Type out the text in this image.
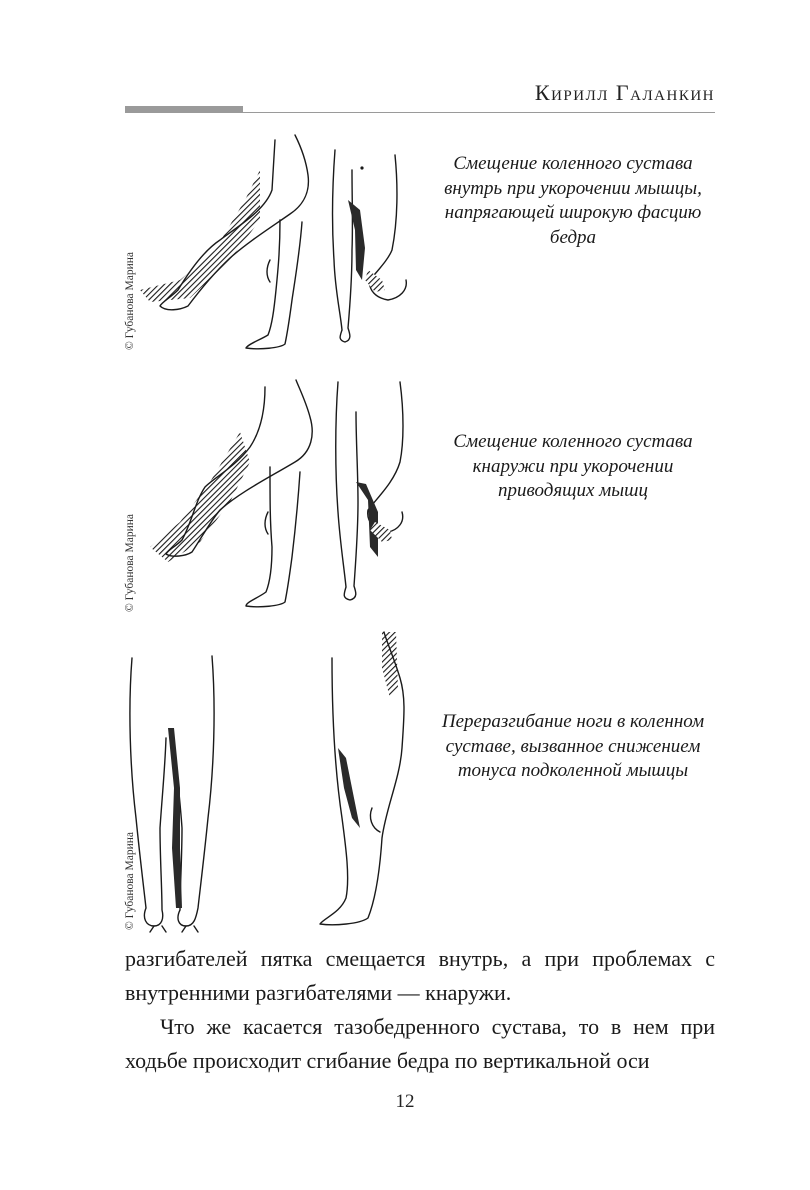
Кирилл Галанкин
© Губанова Марина
Смещение коленного сустава
внутрь при укорочении мышцы,
напрягающей широкую фасцию
бедра
© Губанова Марина
Смещение коленного сустава
кнаружи при укорочении
приводящих мышц
© Губанова Марина
Переразгибание ноги в коленном
суставе, вызванное снижением
тонуса подколенной мышцы

разгибателей пятка смещается внутрь, а при проблемах с внутренними разгибателями — кнаружи.

Что же касается тазобедренного сустава, то в нем при ходьбе происходит сгибание бедра по вертикальной оси

12
